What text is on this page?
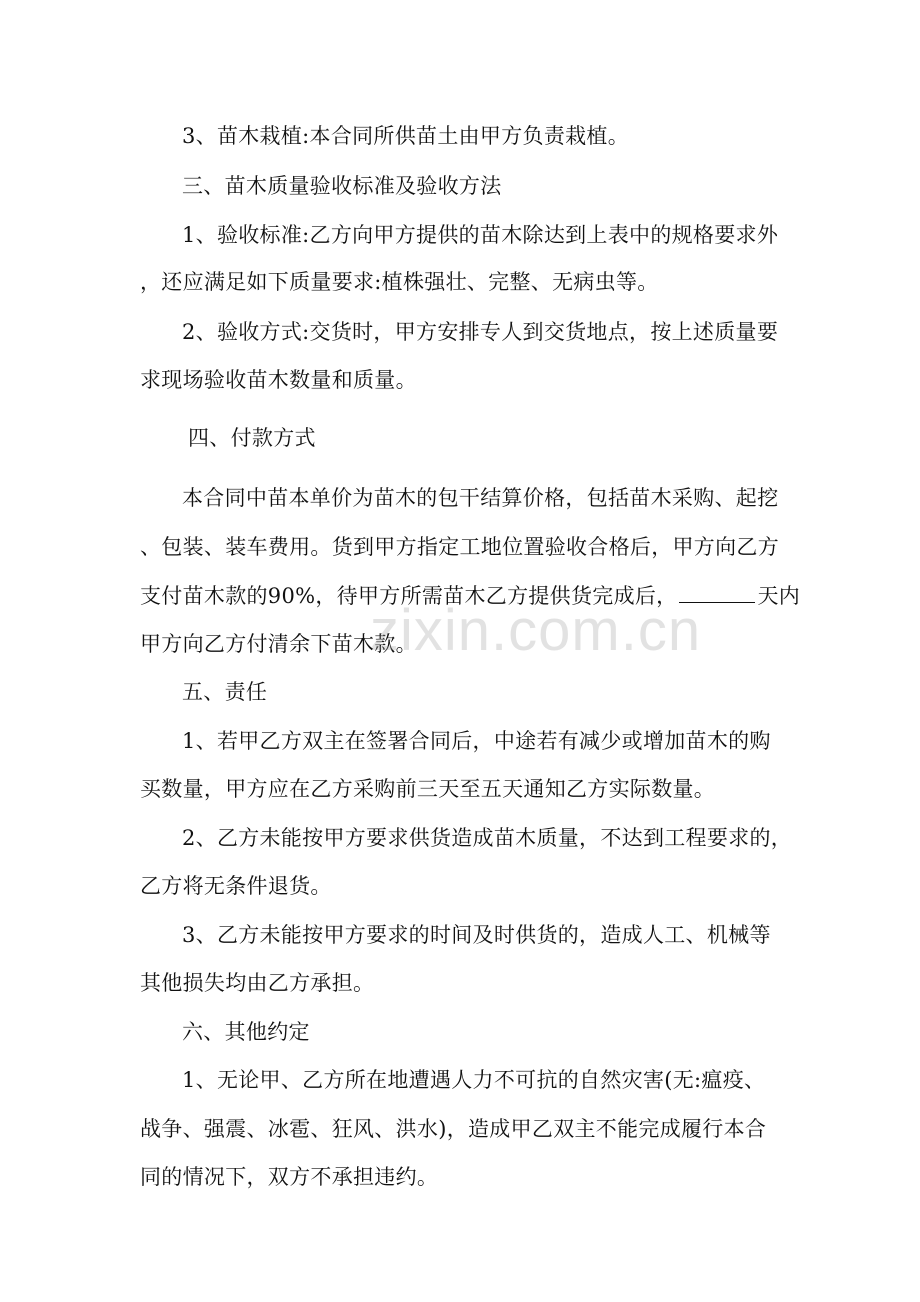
3、苗木栽植:本合同所供苗土由甲方负责栽植。
三、苗木质量验收标准及验收方法
1、验收标准:乙方向甲方提供的苗木除达到上表中的规格要求外
，还应满足如下质量要求:植株强壮、完整、无病虫等。
2、验收方式:交货时，甲方安排专人到交货地点，按上述质量要
求现场验收苗木数量和质量。
四、付款方式
本合同中苗本单价为苗木的包干结算价格，包括苗木采购、起挖
、包装、装车费用。货到甲方指定工地位置验收合格后，甲方向乙方
支付苗木款的90%，待甲方所需苗木乙方提供货完成后，	天内
甲方向乙方付清余下苗木款。
五、责任
1、若甲乙方双主在签署合同后，中途若有减少或增加苗木的购
买数量，甲方应在乙方采购前三天至五天通知乙方实际数量。
2、乙方未能按甲方要求供货造成苗木质量，不达到工程要求的，
乙方将无条件退货。
3、乙方未能按甲方要求的时间及时供货的，造成人工、机械等
其他损失均由乙方承担。
六、其他约定
1、无论甲、乙方所在地遭遇人力不可抗的自然灾害(无:瘟疫、
战争、强震、冰雹、狂风、洪水)，造成甲乙双主不能完成履行本合
同的情况下，双方不承担违约。
zixin.com.cn
